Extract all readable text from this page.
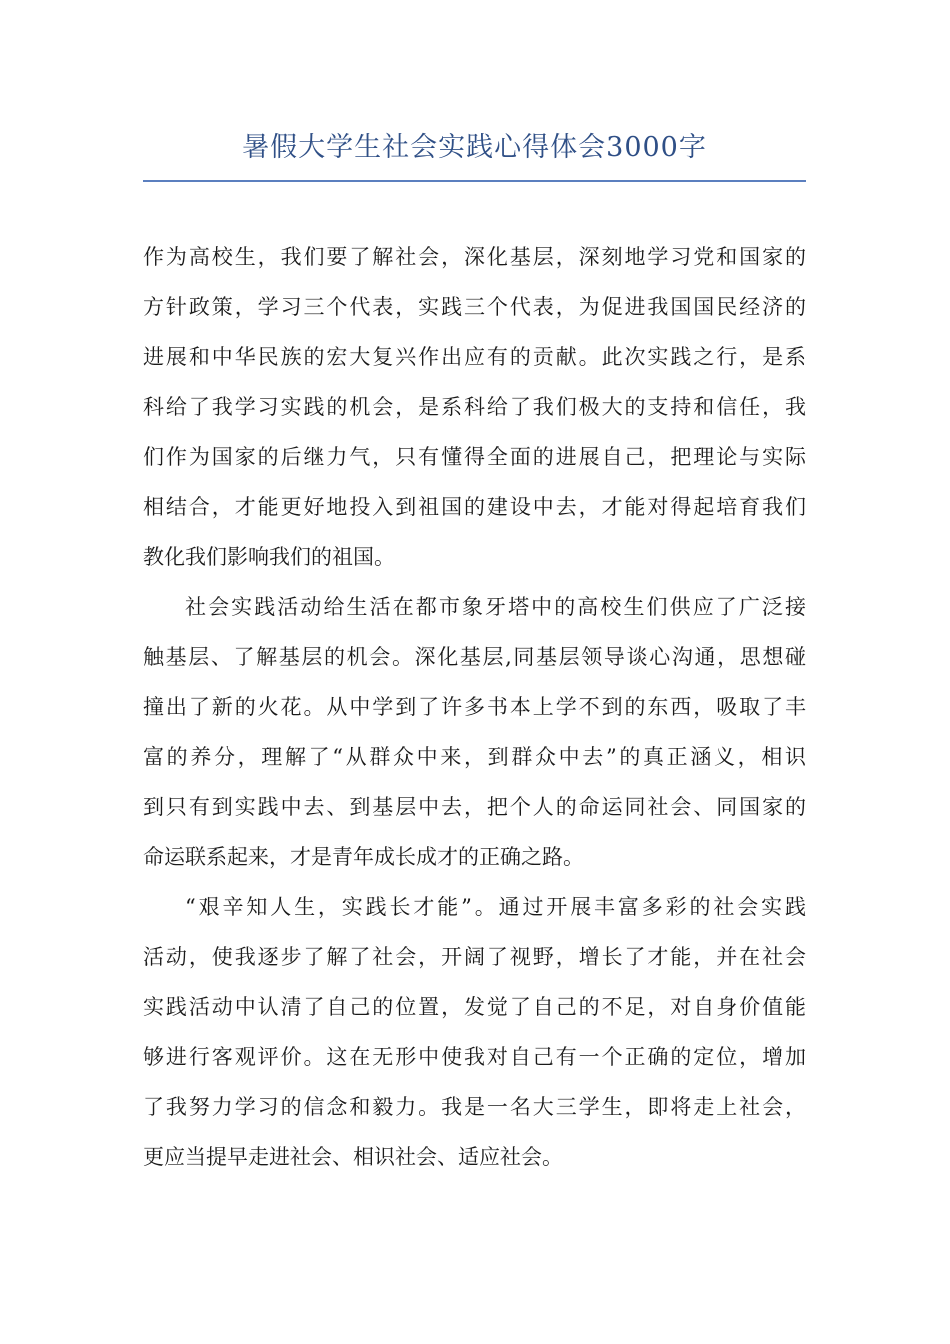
暑假大学生社会实践心得体会3000字
作为高校生，我们要了解社会，深化基层，深刻地学习党和国家的
方针政策，学习三个代表，实践三个代表，为促进我国国民经济的
进展和中华民族的宏大复兴作出应有的贡献。此次实践之行，是系
科给了我学习实践的机会，是系科给了我们极大的支持和信任，我
们作为国家的后继力气，只有懂得全面的进展自己，把理论与实际
相结合，才能更好地投入到祖国的建设中去，才能对得起培育我们
教化我们影响我们的祖国。
社会实践活动给生活在都市象牙塔中的高校生们供应了广泛接
触基层、了解基层的机会。深化基层,同基层领导谈心沟通，思想碰
撞出了新的火花。从中学到了许多书本上学不到的东西，吸取了丰
富的养分，理解了“从群众中来，到群众中去”的真正涵义，相识
到只有到实践中去、到基层中去，把个人的命运同社会、同国家的
命运联系起来，才是青年成长成才的正确之路。
“艰辛知人生，实践长才能”。通过开展丰富多彩的社会实践
活动，使我逐步了解了社会，开阔了视野，增长了才能，并在社会
实践活动中认清了自己的位置，发觉了自己的不足，对自身价值能
够进行客观评价。这在无形中使我对自己有一个正确的定位，增加
了我努力学习的信念和毅力。我是一名大三学生，即将走上社会，
更应当提早走进社会、相识社会、适应社会。
